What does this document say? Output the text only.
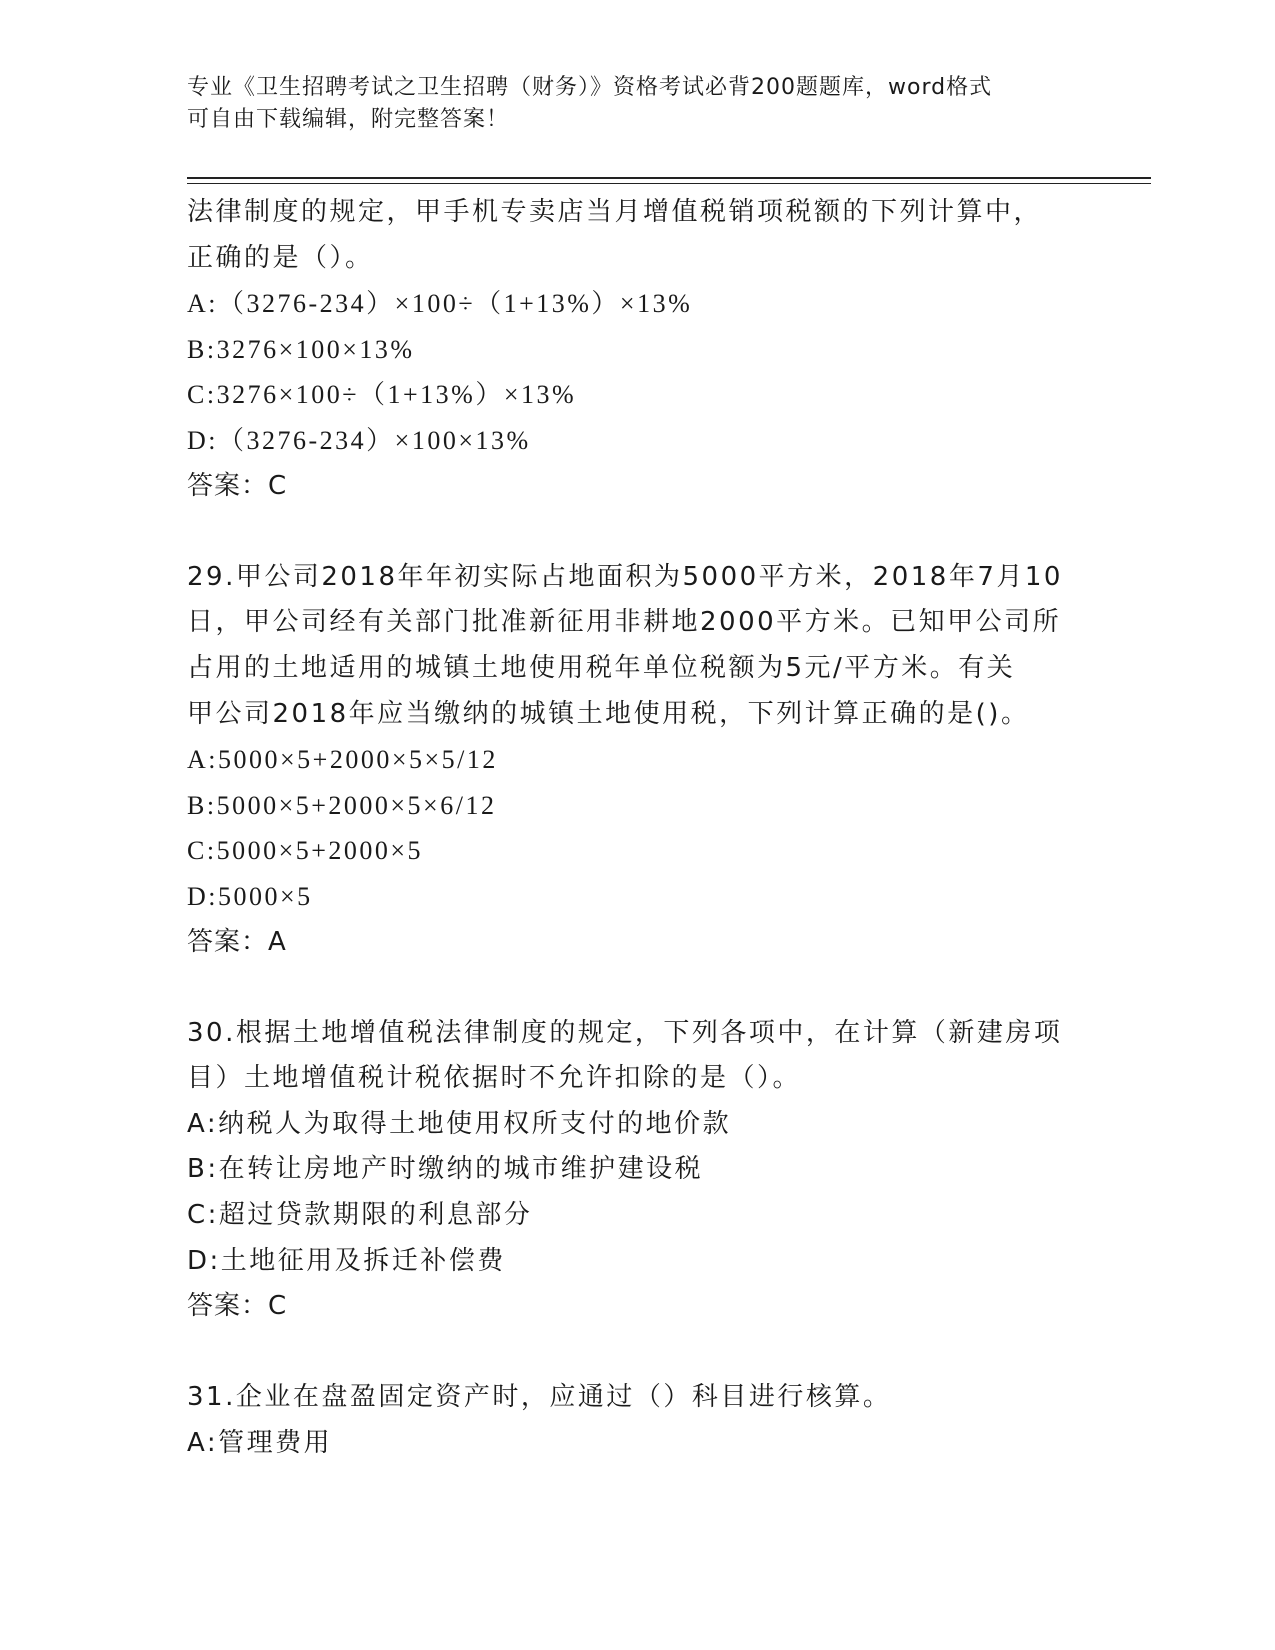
专业《卫生招聘考试之卫生招聘（财务）》资格考试必背200题题库，word格式
可自由下载编辑，附完整答案！
法律制度的规定，甲手机专卖店当月增值税销项税额的下列计算中，
正确的是（）。
A:（3276-234）×100÷（1+13%）×13%
B:3276×100×13%
C:3276×100÷（1+13%）×13%
D:（3276-234）×100×13%
答案：C
29.甲公司2018年年初实际占地面积为5000平方米，2018年7月10
日，甲公司经有关部门批准新征用非耕地2000平方米。已知甲公司所
占用的土地适用的城镇土地使用税年单位税额为5元/平方米。有关
甲公司2018年应当缴纳的城镇土地使用税，下列计算正确的是()。
A:5000×5+2000×5×5/12
B:5000×5+2000×5×6/12
C:5000×5+2000×5
D:5000×5
答案：A
30.根据土地增值税法律制度的规定，下列各项中，在计算（新建房项
目）土地增值税计税依据时不允许扣除的是（）。
A:纳税人为取得土地使用权所支付的地价款
B:在转让房地产时缴纳的城市维护建设税
C:超过贷款期限的利息部分
D:土地征用及拆迁补偿费
答案：C
31.企业在盘盈固定资产时，应通过（）科目进行核算。
A:管理费用
